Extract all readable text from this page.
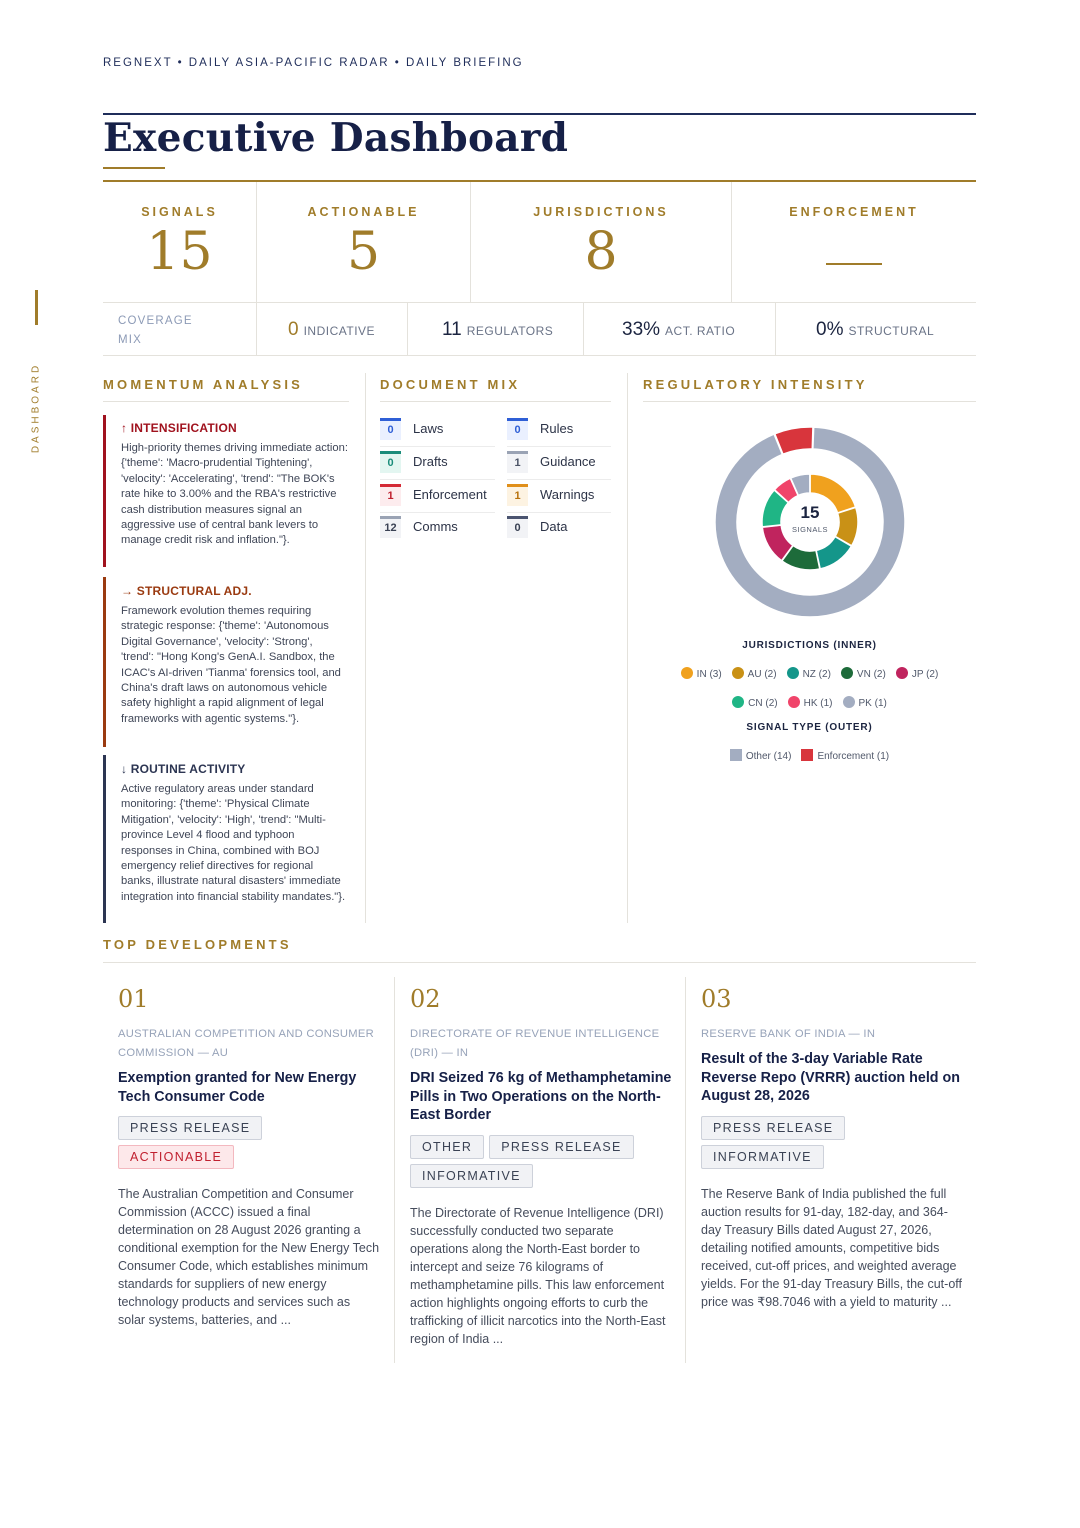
REGNEXT • DAILY ASIA-PACIFIC RADAR • DAILY BRIEFING
Executive Dashboard
DASHBOARD
SIGNALS
15
ACTIONABLE
5
JURISDICTIONS
8
ENFORCEMENT
COVERAGE MIX	0 INDICATIVE	11 REGULATORS	33% ACT. RATIO	0% STRUCTURAL
MOMENTUM ANALYSIS
↑ INTENSIFICATION
High-priority themes driving immediate action: {'theme': 'Macro-prudential Tightening', 'velocity': 'Accelerating', 'trend': "The BOK's rate hike to 3.00% and the RBA's restrictive cash distribution measures signal an aggressive use of central bank levers to manage credit risk and inflation."}.
→ STRUCTURAL ADJ.
Framework evolution themes requiring strategic response: {'theme': 'Autonomous Digital Governance', 'velocity': 'Strong', 'trend': "Hong Kong's GenA.I. Sandbox, the ICAC's AI-driven 'Tianma' forensics tool, and China's draft laws on autonomous vehicle safety highlight a rapid alignment of legal frameworks with agentic systems."}.
↓ ROUTINE ACTIVITY
Active regulatory areas under standard monitoring: {'theme': 'Physical Climate Mitigation', 'velocity': 'High', 'trend': "Multi-province Level 4 flood and typhoon responses in China, combined with BOJ emergency relief directives for regional banks, illustrate natural disasters' immediate integration into financial stability mandates."}.
DOCUMENT MIX
0	Laws	0	Rules
0	Drafts	1	Guidance
1	Enforcement	1	Warnings
12	Comms	0	Data
REGULATORY INTENSITY
15
SIGNALS
JURISDICTIONS (INNER)
IN (3)	AU (2)	NZ (2)	VN (2)	JP (2)
CN (2)	HK (1)	PK (1)
SIGNAL TYPE (OUTER)
Other (14)	Enforcement (1)
TOP DEVELOPMENTS
01
AUSTRALIAN COMPETITION AND CONSUMER COMMISSION — AU
Exemption granted for New Energy Tech Consumer Code
PRESS RELEASE
ACTIONABLE

The Australian Competition and Consumer Commission (ACCC) issued a final determination on 28 August 2026 granting a conditional exemption for the New Energy Tech Consumer Code, which establishes minimum standards for suppliers of new energy technology products and services such as solar systems, batteries, and ...
02
DIRECTORATE OF REVENUE INTELLIGENCE (DRI) — IN
DRI Seized 76 kg of Methamphetamine Pills in Two Operations on the North-East Border
OTHER PRESS RELEASEINFORMATIVE
The Directorate of Revenue Intelligence (DRI) successfully conducted two separate operations along the North-East border to intercept and seize 76 kilograms of methamphetamine pills. This law enforcement action highlights ongoing efforts to curb the trafficking of illicit narcotics into the North-East region of India ...
03
RESERVE BANK OF INDIA — IN
Result of the 3-day Variable Rate Reverse Repo (VRRR) auction held on August 28, 2026
PRESS RELEASEINFORMATIVE
The Reserve Bank of India published the full auction results for 91-day, 182-day, and 364-day Treasury Bills dated August 27, 2026, detailing notified amounts, competitive bids received, cut-off prices, and weighted average yields. For the 91-day Treasury Bills, the cut-off price was ₹98.7046 with a yield to maturity ...
